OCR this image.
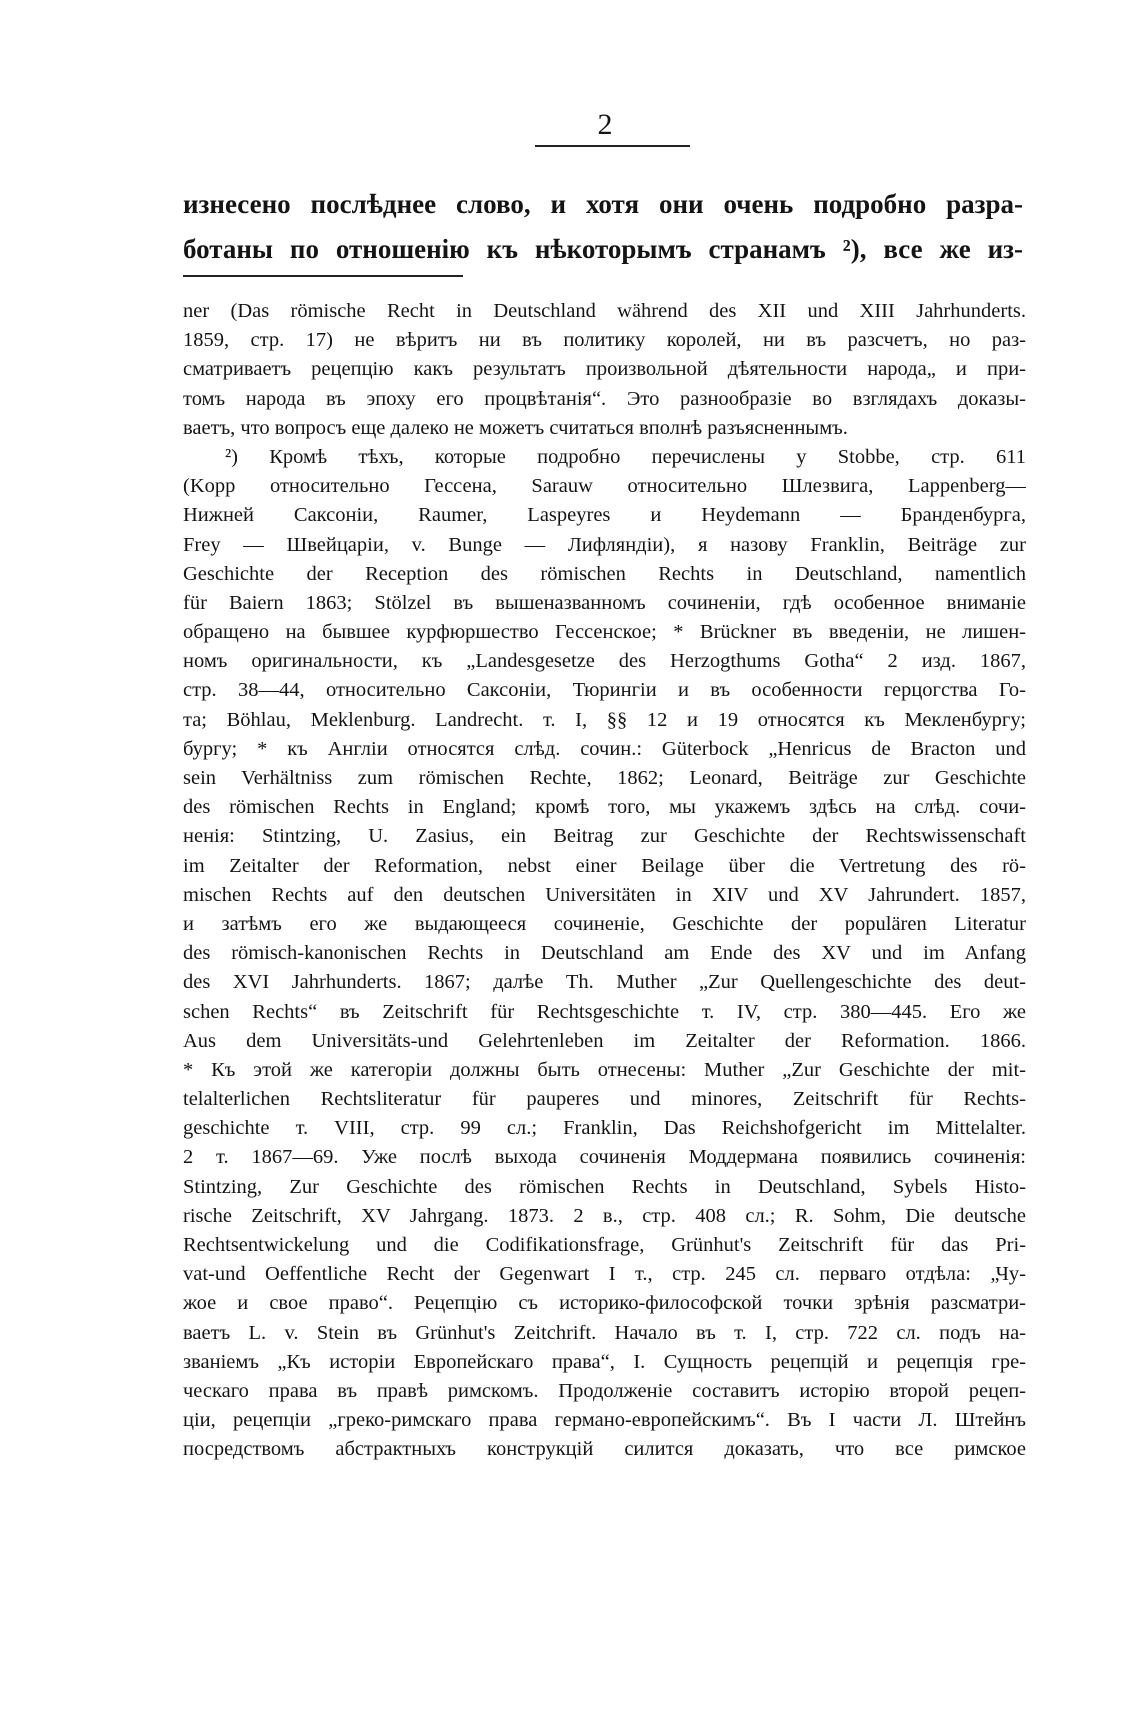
2
изнесено послѣднее слово, и хотя они очень подробно разра-
ботаны по отношенію къ нѣкоторымъ странамъ ²), все же из-
ner (Das römische Recht in Deutschland während des XII und XIII Jahrhunderts.
1859, стр. 17) не вѣритъ ни въ политику королей, ни въ разсчетъ, но раз-
сматриваетъ рецепцію какъ результатъ произвольной дѣятельности народа„ и при-
томъ народа въ эпоху его процвѣтанія“. Это разнообразіе во взглядахъ доказы-
ваетъ, что вопросъ еще далеко не можетъ считаться вполнѣ разъясненнымъ.
²) Кромѣ тѣхъ, которые подробно перечислены у Stobbe, стр. 611
(Kopp относительно Гессена, Sarauw относительно Шлезвига, Lappenberg—
Нижней Саксоніи, Raumer, Laspeyres и Heydemann — Бранденбурга,
Frey — Швейцаріи, v. Bunge — Лифляндіи), я назову Franklin, Beiträge zur
Geschichte der Reception des römischen Rechts in Deutschland, namentlich
für Baiern 1863; Stölzel въ вышеназванномъ сочиненіи, гдѣ особенное вниманіе
обращено на бывшее курфюршество Гессенское; * Brückner въ введеніи, не лишен-
номъ оригинальности, къ „Landesgesetze des Herzogthums Gotha“ 2 изд. 1867,
стр. 38—44, относительно Саксоніи, Тюрингіи и въ особенности герцогства Го-
та; Böhlau, Meklenburg. Landrecht. т. I, §§ 12 и 19 относятся къ Мекленбургу;
бургу; * къ Англіи относятся слѣд. сочин.: Güterbock „Henricus de Bracton und
sein Verhältniss zum römischen Rechte, 1862; Leonard, Beiträge zur Geschichte
des römischen Rechts in England; кромѣ того, мы укажемъ здѣсь на слѣд. сочи-
ненія: Stintzing, U. Zasius, ein Beitrag zur Geschichte der Rechtswissenschaft
im Zeitalter der Reformation, nebst einer Beilage über die Vertretung des rö-
mischen Rechts auf den deutschen Universitäten in XIV und XV Jahrundert. 1857,
и затѣмъ его же выдающееся сочиненіе, Geschichte der populären Literatur
des römisch-kanonischen Rechts in Deutschland am Ende des XV und im Anfang
des XVI Jahrhunderts. 1867; далѣе Th. Muther „Zur Quellengeschichte des deut-
schen Rechts“ въ Zeitschrift für Rechtsgeschichte т. IV, стр. 380—445. Его же
Aus dem Universitäts-und Gelehrtenleben im Zeitalter der Reformation. 1866.
* Къ этой же категоріи должны быть отнесены: Muther „Zur Geschichte der mit-
telalterlichen Rechtsliteratur für pauperes und minores, Zeitschrift für Rechts-
geschichte т. VIII, стр. 99 сл.; Franklin, Das Reichshofgericht im Mittelalter.
2 т. 1867—69. Уже послѣ выхода сочиненія Моддермана появились сочиненія:
Stintzing, Zur Geschichte des römischen Rechts in Deutschland, Sybels Histo-
rische Zeitschrift, XV Jahrgang. 1873. 2 в., стр. 408 сл.; R. Sohm, Die deutsche
Rechtsentwickelung und die Codifikationsfrage, Grünhut's Zeitschrift für das Pri-
vat-und Oeffentliche Recht der Gegenwart I т., стр. 245 сл. перваго отдѣла: „Чу-
жое и свое право“. Рецепцію съ историко-философской точки зрѣнія разсматри-
ваетъ L. v. Stein въ Grünhut's Zeitchrift. Начало въ т. I, стр. 722 сл. подъ на-
званіемъ „Къ исторіи Европейскаго права“, I. Сущность рецепцій и рецепція гре-
ческаго права въ правѣ римскомъ. Продолженіе составитъ исторію второй рецеп-
ціи, рецепціи „греко-римскаго права германо-европейскимъ“. Въ I части Л. Штейнъ
посредствомъ абстрактныхъ конструкцій силится доказать, что все римское
